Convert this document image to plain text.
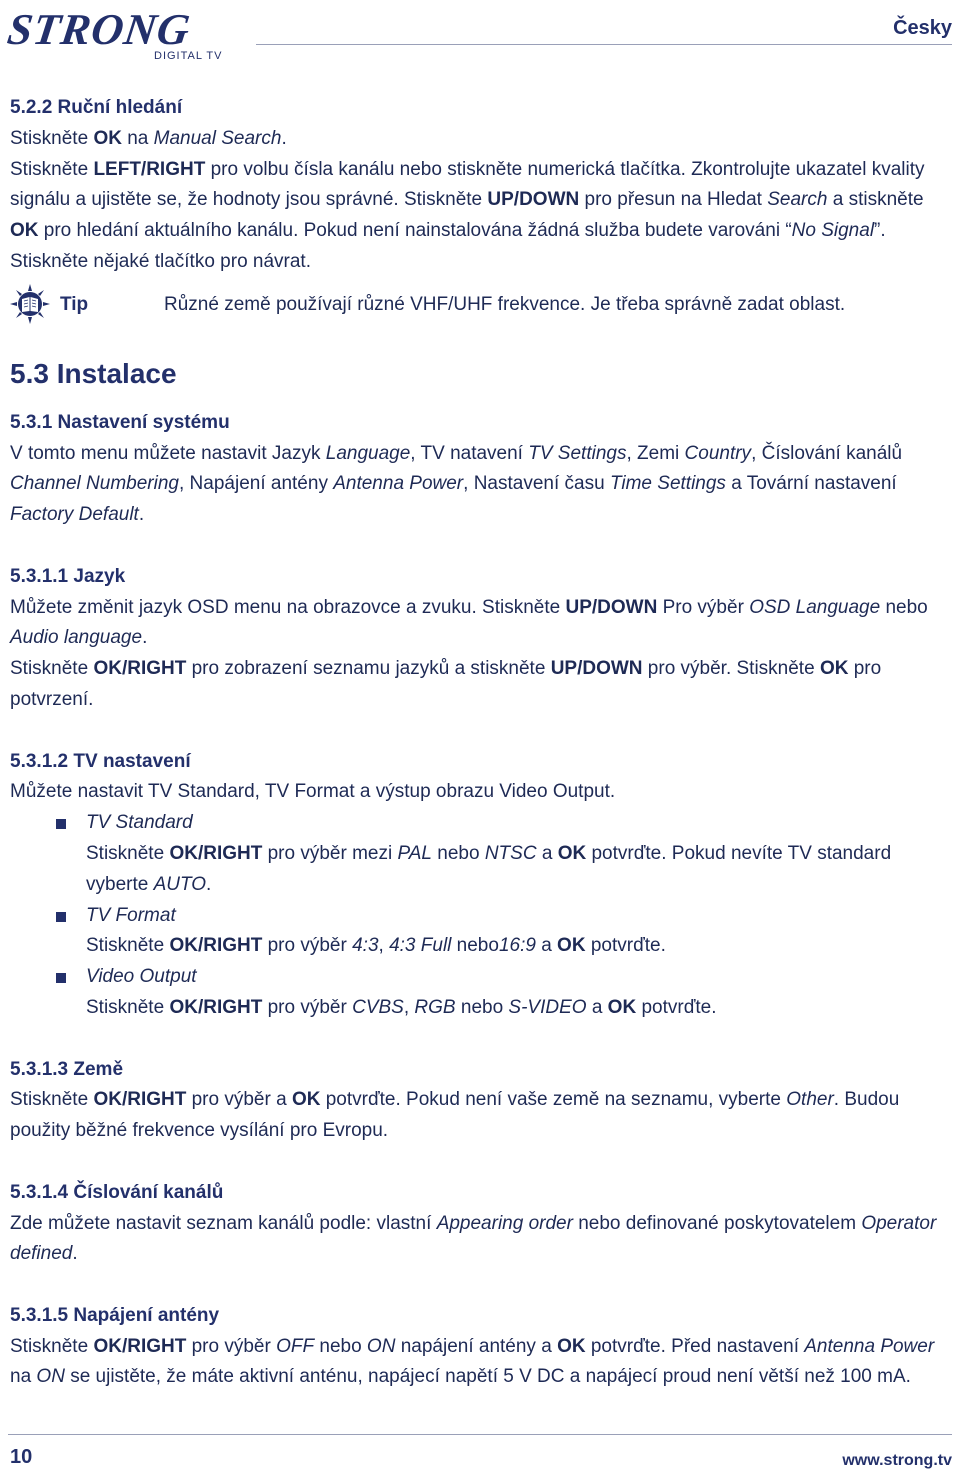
STRONG
DIGITAL TV
Česky
5.2.2 Ruční hledání
Stiskněte OK na Manual Search.
Stiskněte LEFT/RIGHT pro volbu čísla kanálu nebo stiskněte numerická tlačítka. Zkontrolujte ukazatel kvality signálu a ujistěte se, že hodnoty jsou správné. Stiskněte UP/DOWN pro přesun na Hledat Search a stiskněte OK pro hledání aktuálního kanálu. Pokud není nainstalována žádná služba budete varováni “No Signal”. Stiskněte nějaké tlačítko pro návrat.
Tip	Různé země používají různé VHF/UHF frekvence. Je třeba správně zadat oblast.
5.3 Instalace
5.3.1 Nastavení systému
V tomto menu můžete nastavit Jazyk Language, TV natavení TV Settings, Zemi Country, Číslování kanálů Channel Numbering, Napájení antény Antenna Power, Nastavení času Time Settings a Tovární nastavení Factory Default.
5.3.1.1 Jazyk
Můžete změnit jazyk OSD menu na obrazovce a zvuku. Stiskněte UP/DOWN Pro výběr OSD Language nebo Audio language.
Stiskněte OK/RIGHT pro zobrazení seznamu jazyků a stiskněte UP/DOWN pro výběr. Stiskněte OK pro potvrzení.
5.3.1.2 TV nastavení
Můžete nastavit TV Standard, TV Format a výstup obrazu Video Output.
TV Standard
Stiskněte OK/RIGHT pro výběr mezi PAL nebo NTSC a OK potvrďte. Pokud nevíte TV standard vyberte AUTO.
TV Format
Stiskněte OK/RIGHT pro výběr 4:3, 4:3 Full nebo16:9 a OK potvrďte.
Video Output
Stiskněte OK/RIGHT pro výběr CVBS, RGB nebo S-VIDEO a OK potvrďte.
5.3.1.3 Země
Stiskněte OK/RIGHT pro výběr a OK potvrďte. Pokud není vaše země na seznamu, vyberte Other. Budou použity běžné frekvence vysílání pro Evropu.
5.3.1.4 Číslování kanálů
Zde můžete nastavit seznam kanálů podle: vlastní Appearing order nebo definované poskytovatelem Operator defined.
5.3.1.5 Napájení antény
Stiskněte OK/RIGHT pro výběr OFF nebo ON napájení antény a OK potvrďte. Před nastavení Antenna Power na ON se ujistěte, že máte aktivní anténu, napájecí napětí 5 V DC a napájecí proud není větší než 100 mA.
10	www.strong.tv
